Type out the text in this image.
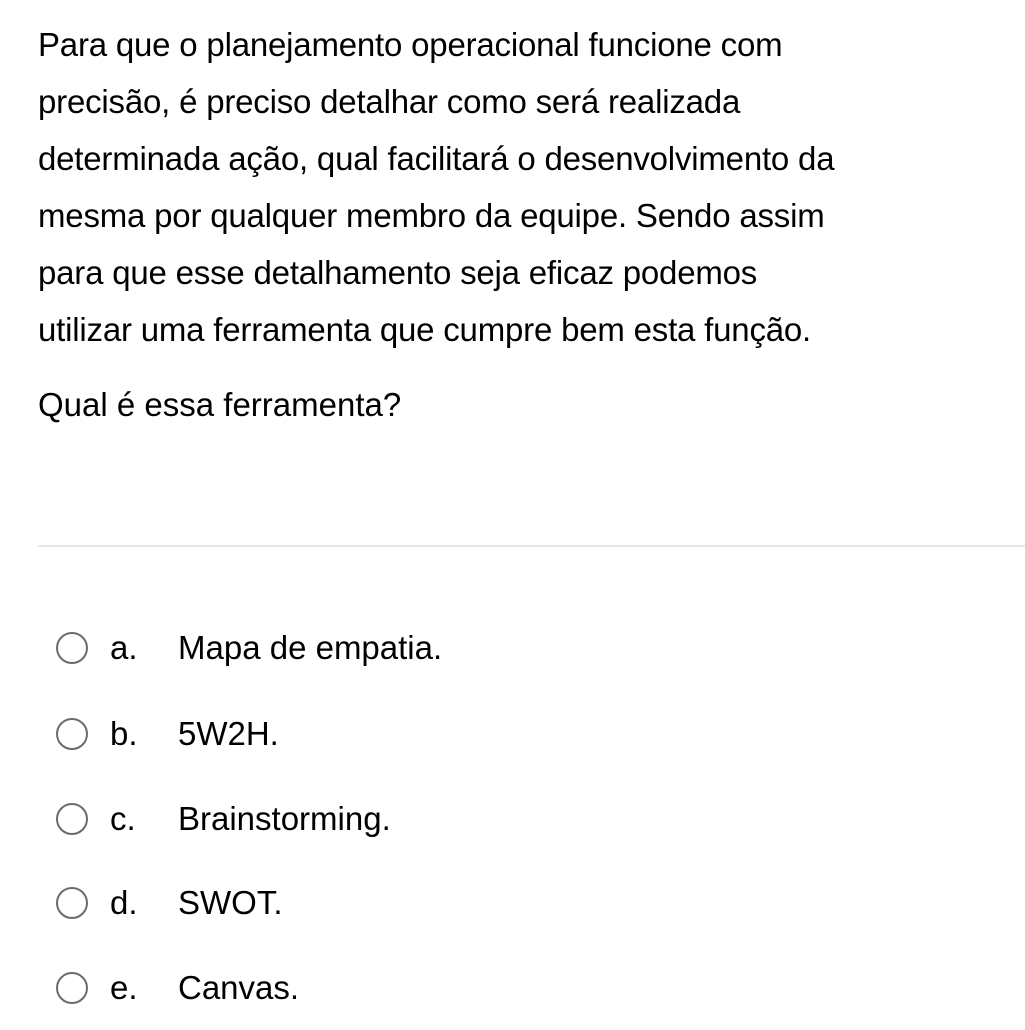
Para que o planejamento operacional funcione com
precisão, é preciso detalhar como será realizada
determinada ação, qual facilitará o desenvolvimento da
mesma por qualquer membro da equipe. Sendo assim
para que esse detalhamento seja eficaz podemos
utilizar uma ferramenta que cumpre bem esta função.
Qual é essa ferramenta?
a.	Mapa de empatia.
b.	5W2H.
c.	Brainstorming.
d.	SWOT.
e.	Canvas.
